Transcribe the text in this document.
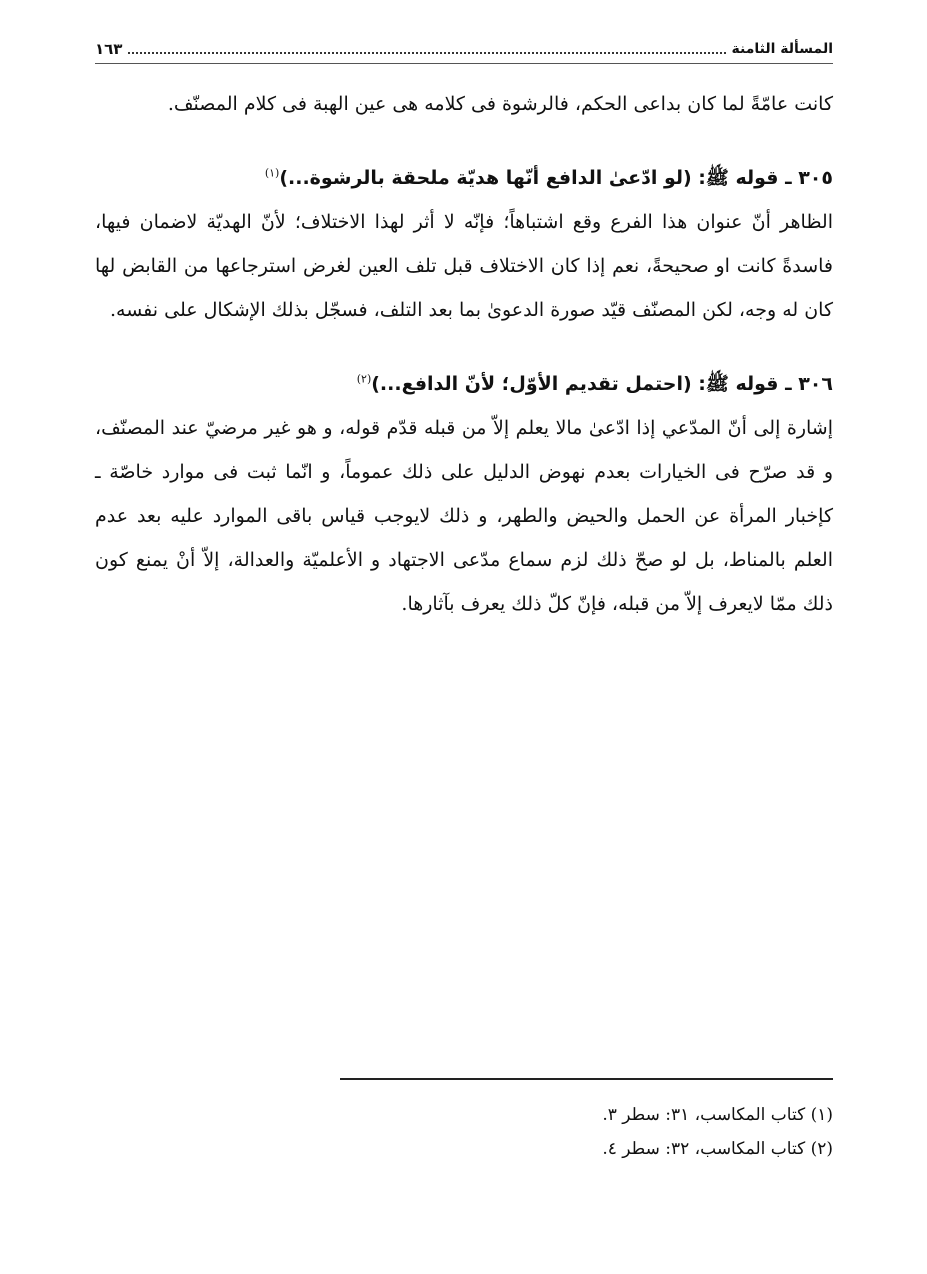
المسألة الثامنة
١٦٣

كانت عامّةً لما كان بداعى الحكم، فالرشوة فى كلامه هى عين الهبة فى كلام المصنّف.

٣٠٥ ـ قوله ﷺ: (لو ادّعىٰ الدافع أنّها هديّة ملحقة بالرشوة...)$^{(١)}$

الظاهر أنّ عنوان هذا الفرع وقع اشتباهاً؛ فإنّه لا أثر لهذا الاختلاف؛ لأنّ الهديّة لاضمان فيها، فاسدةً كانت او صحيحةً، نعم إذا كان الاختلاف قبل تلف العين لغرض استرجاعها من القابض لها كان له وجه، لكن المصنّف قيّد صورة الدعوىٰ بما بعد التلف، فسجّل بذلك الإشكال على نفسه.

٣٠٦ ـ قوله ﷺ: (احتمل تقديم الأوّل؛ لأنّ الدافع...)$^{(٢)}$

إشارة إلى أنّ المدّعي إذا ادّعىٰ مالا يعلم إلاّ من قبله قدّم قوله، و هو غير مرضيّ عند المصنّف، و قد صرّح فى الخيارات بعدم نهوض الدليل على ذلك عموماً، و انّما ثبت فى موارد خاصّة ـ كإخبار المرأة عن الحمل والحيض والطهر، و ذلك لايوجب قياس باقى الموارد عليه بعد عدم العلم بالمناط، بل لو صحّ ذلك لزم سماع مدّعى الاجتهاد و الأعلميّة والعدالة، إلاّ أنْ يمنع كون ذلك ممّا لايعرف إلاّ من قبله، فإنّ كلّ ذلك يعرف بآثارها.

(١) كتاب المكاسب، ٣١: سطر ٣.
(٢) كتاب المكاسب، ٣٢: سطر ٤.
